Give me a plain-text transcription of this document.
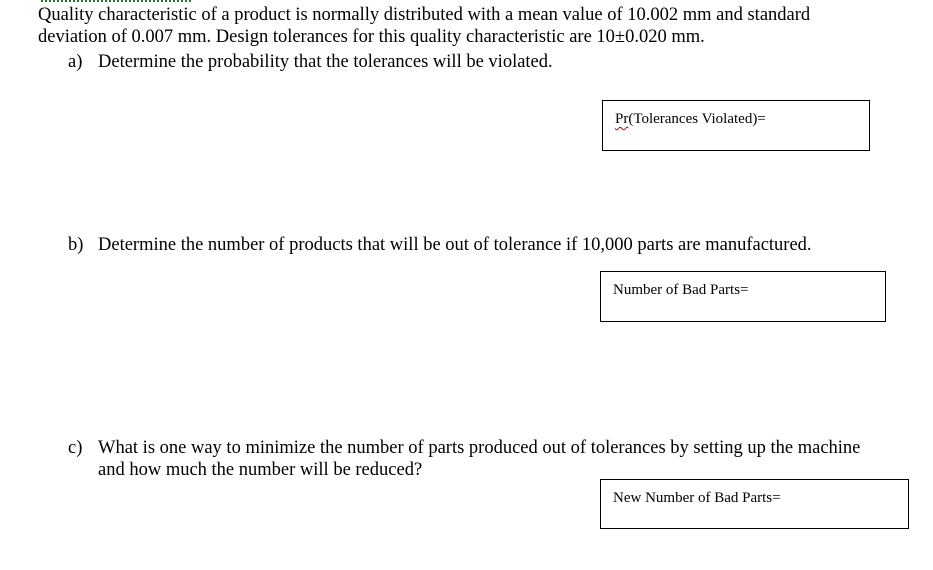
Quality characteristic of a product is normally distributed with a mean value of 10.002 mm and standard
deviation of 0.007 mm. Design tolerances for this quality characteristic are 10±0.020 mm.
a) Determine the probability that the tolerances will be violated.
Pr(Tolerances Violated)=
b) Determine the number of products that will be out of tolerance if 10,000 parts are manufactured.
Number of Bad Parts=
c) What is one way to minimize the number of parts produced out of tolerances by setting up the machine
and how much the number will be reduced?
New Number of Bad Parts=
